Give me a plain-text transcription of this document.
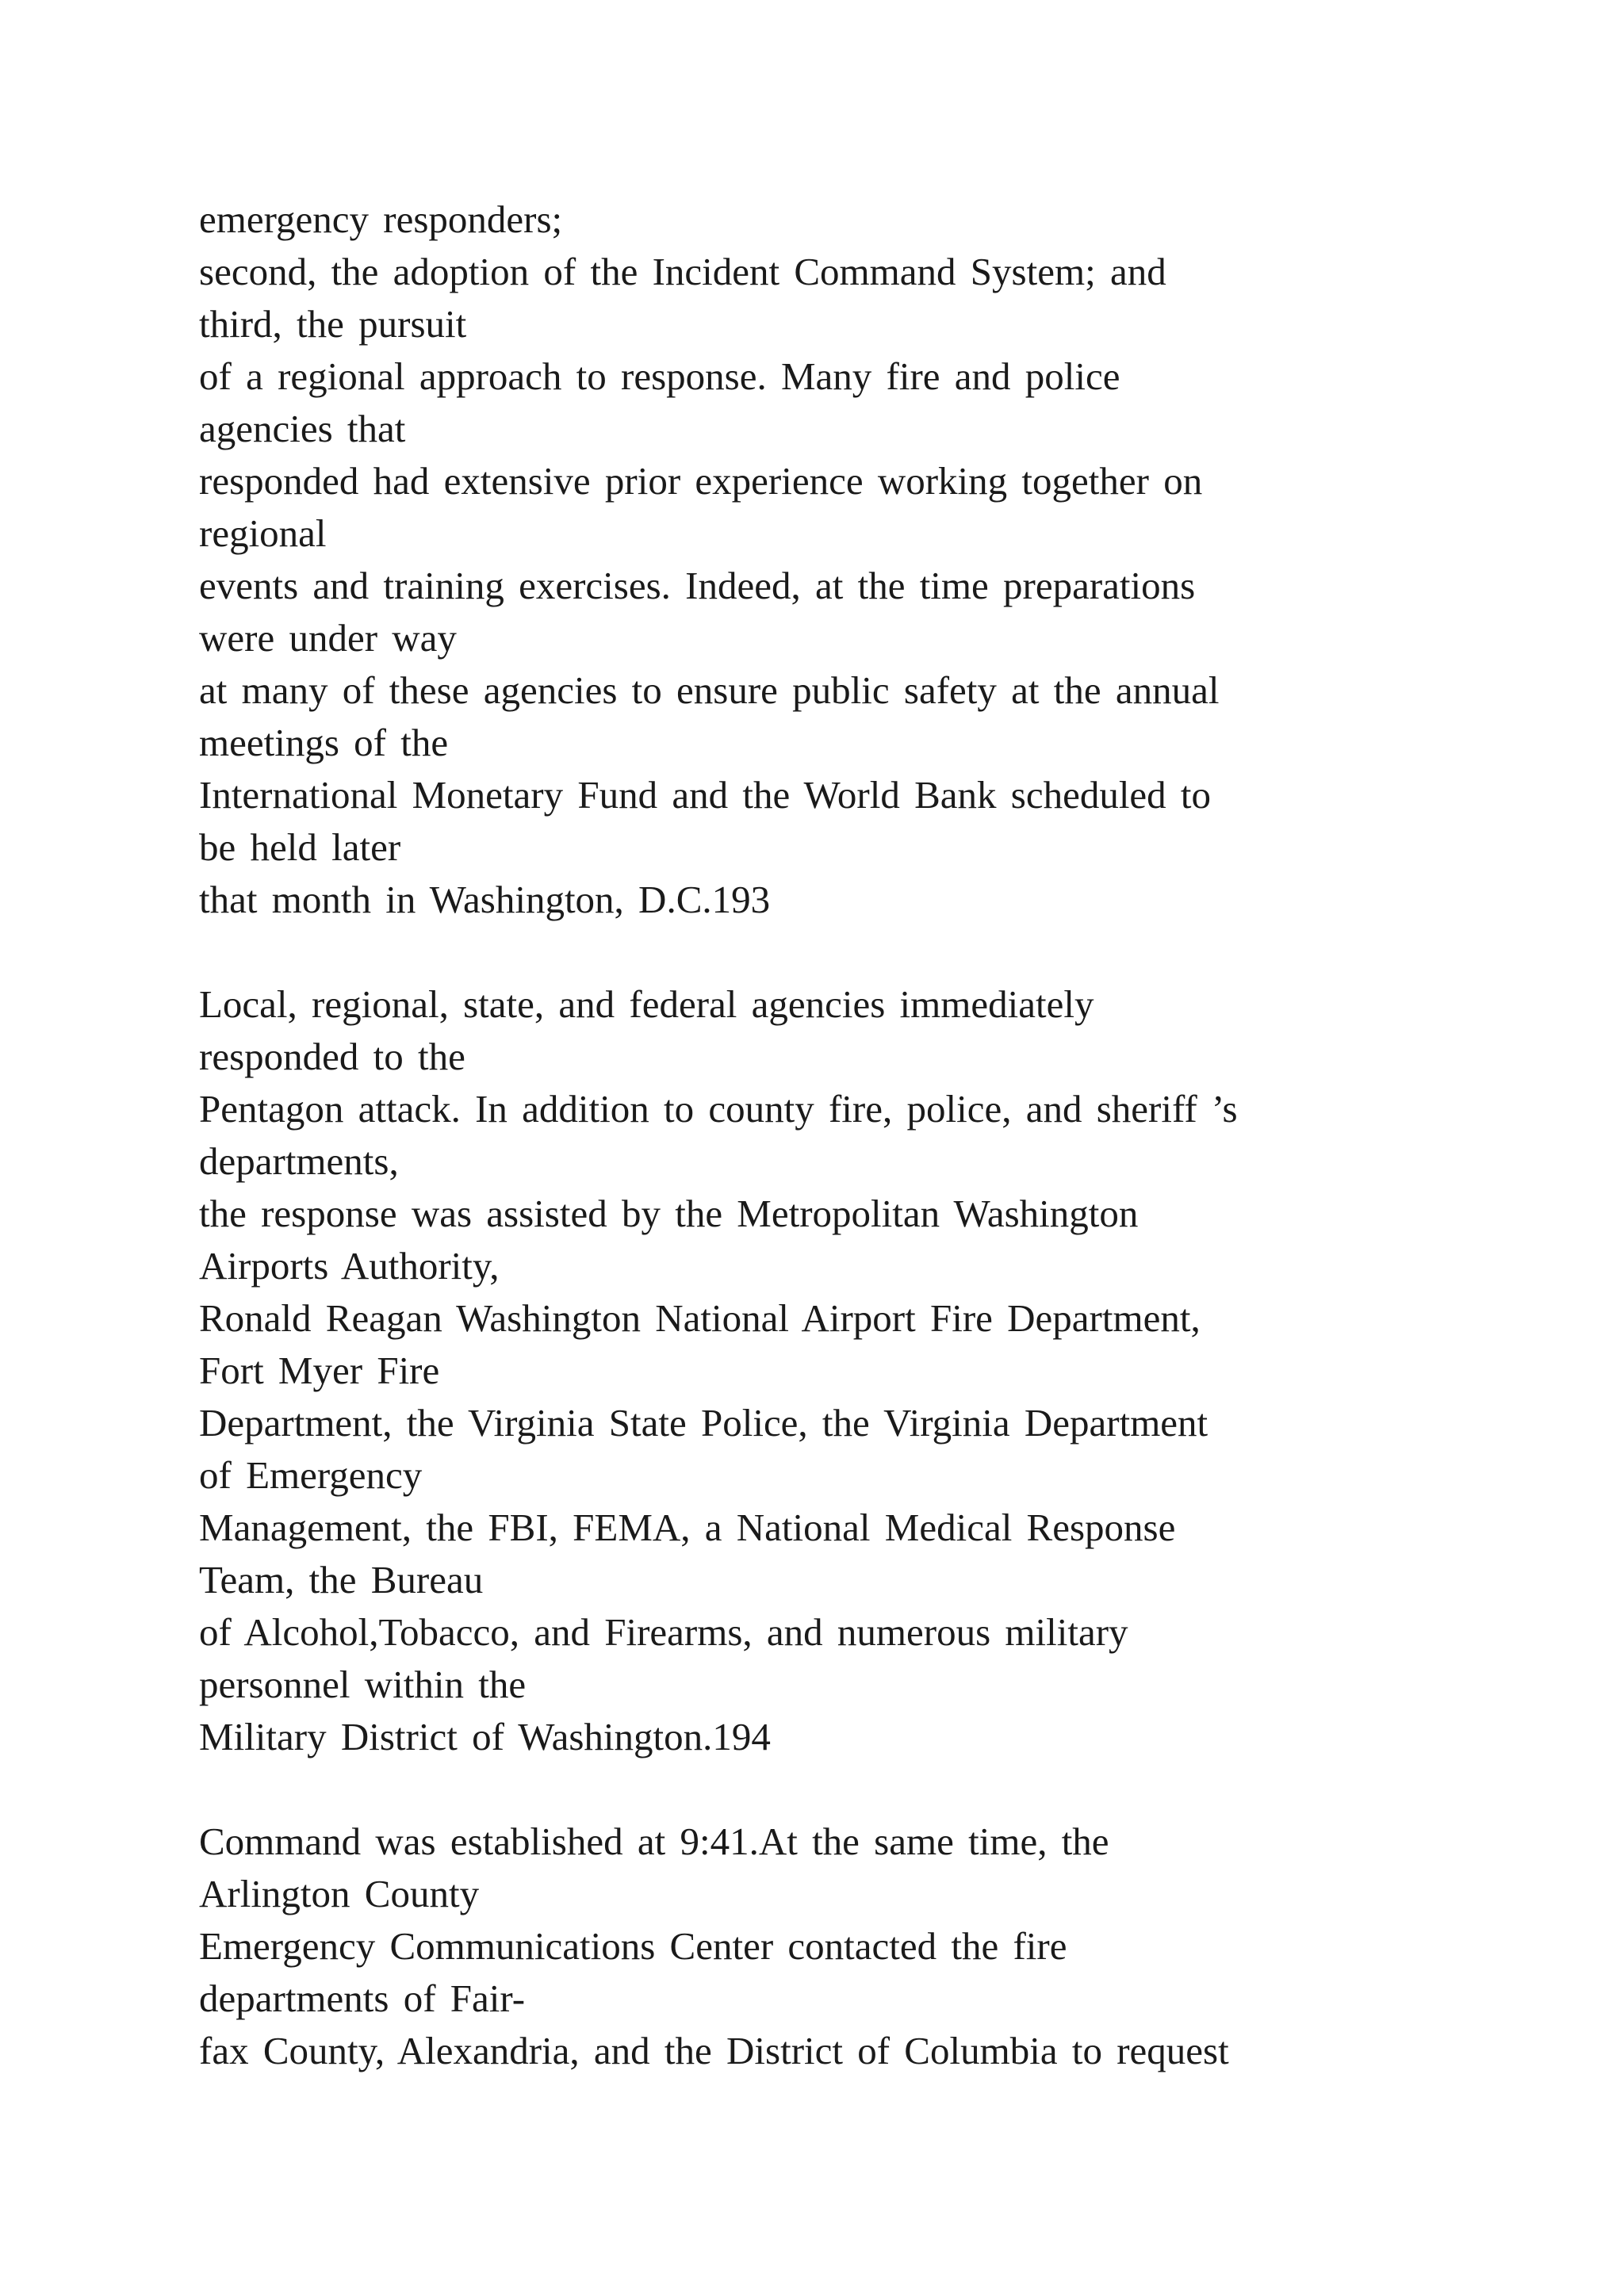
emergency responders;
second, the adoption of the Incident Command System; and
third, the pursuit
of a regional approach to response. Many fire and police
agencies that
responded had extensive prior experience working together on
regional
events and training exercises. Indeed, at the time preparations
were under way
at many of these agencies to ensure public safety at the annual
meetings of the
International Monetary Fund and the World Bank scheduled to
be held later
that month in Washington, D.C.193
Local, regional, state, and federal agencies immediately
responded to the
Pentagon attack. In addition to county fire, police, and sheriff ’s
departments,
the response was assisted by the Metropolitan Washington
Airports Authority,
Ronald Reagan Washington National Airport Fire Department,
Fort Myer Fire
Department, the Virginia State Police, the Virginia Department
of Emergency
Management, the FBI, FEMA, a National Medical Response
Team, the Bureau
of Alcohol,Tobacco, and Firearms, and numerous military
personnel within the
Military District of Washington.194
Command was established at 9:41.At the same time, the
Arlington County
Emergency Communications Center contacted the fire
departments of Fair-
fax County, Alexandria, and the District of Columbia to request
